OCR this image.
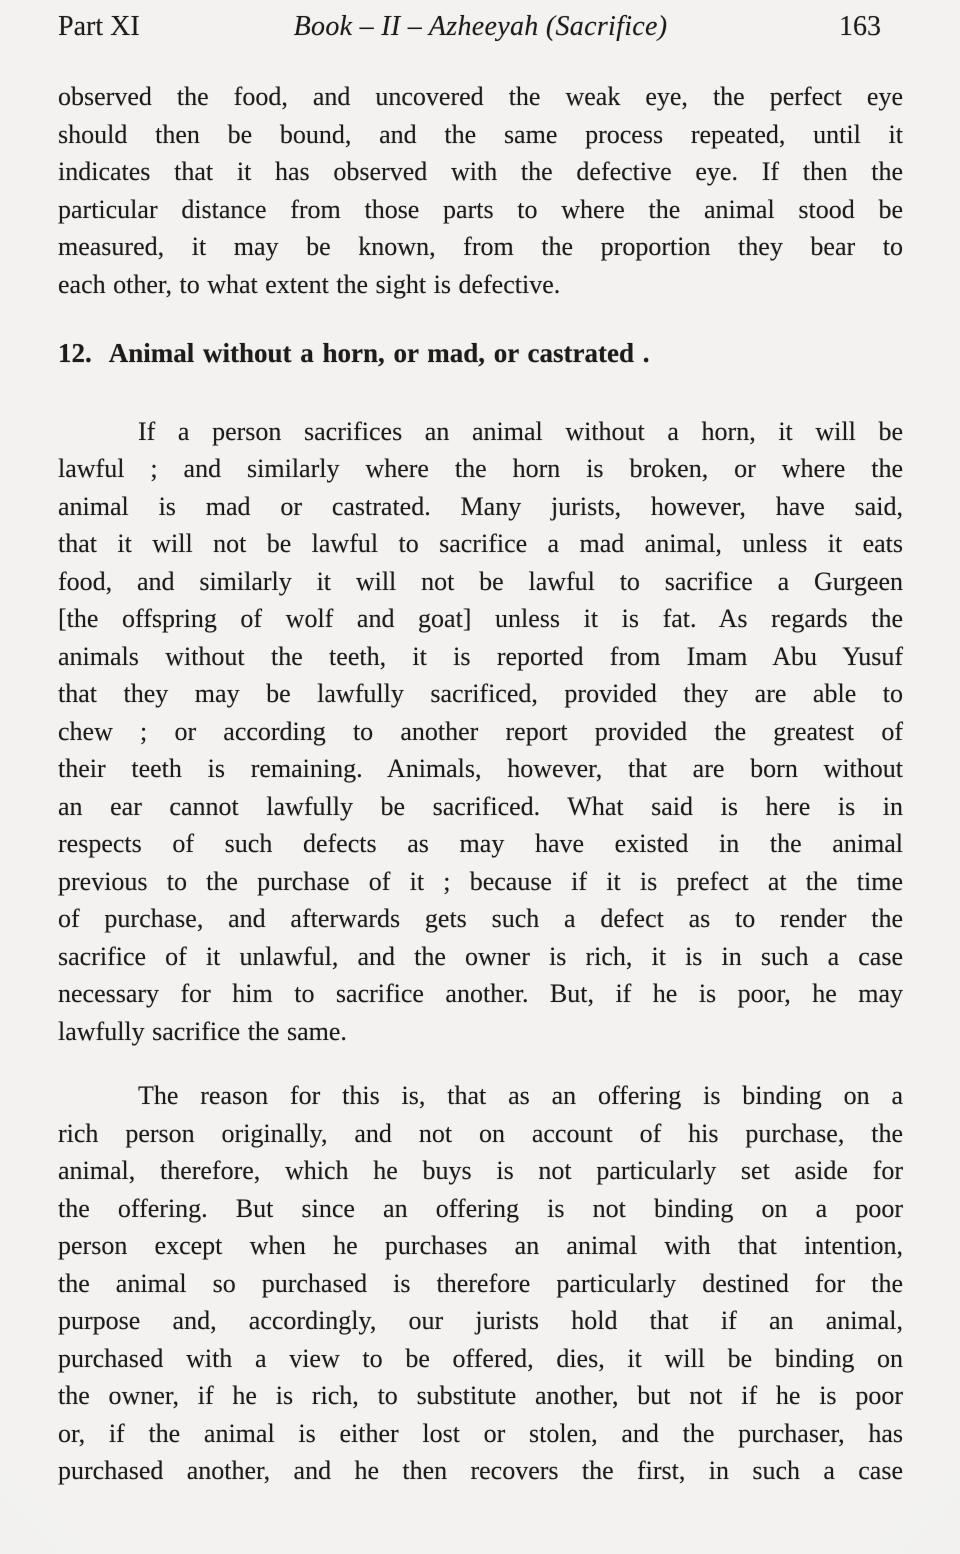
Part XI	Book – II – Azheeyah (Sacrifice)	163
observed the food, and uncovered the weak eye, the perfect eye
should then be bound, and the same process repeated, until it
indicates that it has observed with the defective eye. If then the
particular distance from those parts to where the animal stood be
measured, it may be known, from the proportion they bear to
each other, to what extent the sight is defective.
12. Animal without a horn, or mad, or castrated .
If a person sacrifices an animal without a horn, it will be
lawful ; and similarly where the horn is broken, or where the
animal is mad or castrated. Many jurists, however, have said,
that it will not be lawful to sacrifice a mad animal, unless it eats
food, and similarly it will not be lawful to sacrifice a Gurgeen
[the offspring of wolf and goat] unless it is fat. As regards the
animals without the teeth, it is reported from Imam Abu Yusuf
that they may be lawfully sacrificed, provided they are able to
chew ; or according to another report provided the greatest of
their teeth is remaining. Animals, however, that are born without
an ear cannot lawfully be sacrificed. What said is here is in
respects of such defects as may have existed in the animal
previous to the purchase of it ; because if it is prefect at the time
of purchase, and afterwards gets such a defect as to render the
sacrifice of it unlawful, and the owner is rich, it is in such a case
necessary for him to sacrifice another. But, if he is poor, he may
lawfully sacrifice the same.
The reason for this is, that as an offering is binding on a
rich person originally, and not on account of his purchase, the
animal, therefore, which he buys is not particularly set aside for
the offering. But since an offering is not binding on a poor
person except when he purchases an animal with that intention,
the animal so purchased is therefore particularly destined for the
purpose and, accordingly, our jurists hold that if an animal,
purchased with a view to be offered, dies, it will be binding on
the owner, if he is rich, to substitute another, but not if he is poor
or, if the animal is either lost or stolen, and the purchaser, has
purchased another, and he then recovers the first, in such a case
